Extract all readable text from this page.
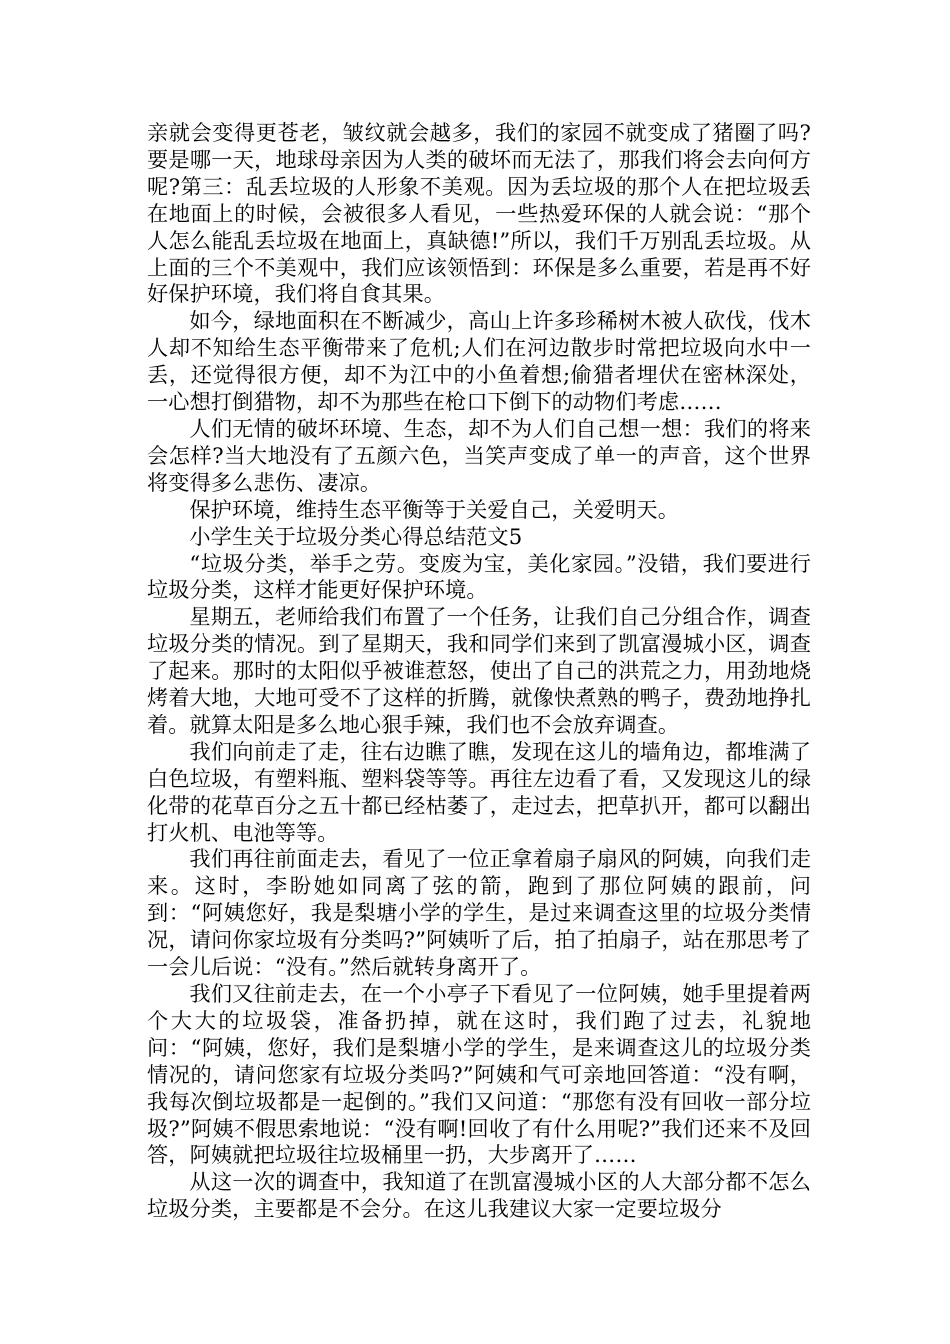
亲就会变得更苍老，皱纹就会越多，我们的家园不就变成了猪圈了吗?要是哪一天，地球母亲因为人类的破坏而无法了，那我们将会去向何方呢?第三：乱丢垃圾的人形象不美观。因为丢垃圾的那个人在把垃圾丢在地面上的时候，会被很多人看见，一些热爱环保的人就会说：“那个人怎么能乱丢垃圾在地面上，真缺德!”所以，我们千万别乱丢垃圾。从上面的三个不美观中，我们应该领悟到：环保是多么重要，若是再不好好保护环境，我们将自食其果。

如今，绿地面积在不断减少，高山上许多珍稀树木被人砍伐，伐木人却不知给生态平衡带来了危机;人们在河边散步时常把垃圾向水中一丢，还觉得很方便，却不为江中的小鱼着想;偷猎者埋伏在密林深处，一心想打倒猎物，却不为那些在枪口下倒下的动物们考虑……

人们无情的破坏环境、生态，却不为人们自己想一想：我们的将来会怎样?当大地没有了五颜六色，当笑声变成了单一的声音，这个世界将变得多么悲伤、凄凉。

保护环境，维持生态平衡等于关爱自己，关爱明天。

小学生关于垃圾分类心得总结范文5

“垃圾分类，举手之劳。变废为宝，美化家园。”没错，我们要进行垃圾分类，这样才能更好保护环境。

星期五，老师给我们布置了一个任务，让我们自己分组合作，调查垃圾分类的情况。到了星期天，我和同学们来到了凯富漫城小区，调查了起来。那时的太阳似乎被谁惹怒，使出了自己的洪荒之力，用劲地烧烤着大地，大地可受不了这样的折腾，就像快煮熟的鸭子，费劲地挣扎着。就算太阳是多么地心狠手辣，我们也不会放弃调查。

我们向前走了走，往右边瞧了瞧，发现在这儿的墙角边，都堆满了白色垃圾，有塑料瓶、塑料袋等等。再往左边看了看，又发现这儿的绿化带的花草百分之五十都已经枯萎了，走过去，把草扒开，都可以翻出打火机、电池等等。

我们再往前面走去，看见了一位正拿着扇子扇风的阿姨，向我们走来。这时，李盼她如同离了弦的箭，跑到了那位阿姨的跟前，问到：“阿姨您好，我是梨塘小学的学生，是过来调查这里的垃圾分类情况，请问你家垃圾有分类吗?”阿姨听了后，拍了拍扇子，站在那思考了一会儿后说：“没有。”然后就转身离开了。

我们又往前走去，在一个小亭子下看见了一位阿姨，她手里提着两个大大的垃圾袋，准备扔掉，就在这时，我们跑了过去，礼貌地问：“阿姨，您好，我们是梨塘小学的学生，是来调查这儿的垃圾分类情况的，请问您家有垃圾分类吗?”阿姨和气可亲地回答道：“没有啊，我每次倒垃圾都是一起倒的。”我们又问道：“那您有没有回收一部分垃圾?”阿姨不假思索地说：“没有啊!回收了有什么用呢?”我们还来不及回答，阿姨就把垃圾往垃圾桶里一扔，大步离开了……

从这一次的调查中，我知道了在凯富漫城小区的人大部分都不怎么垃圾分类，主要都是不会分。在这儿我建议大家一定要垃圾分
